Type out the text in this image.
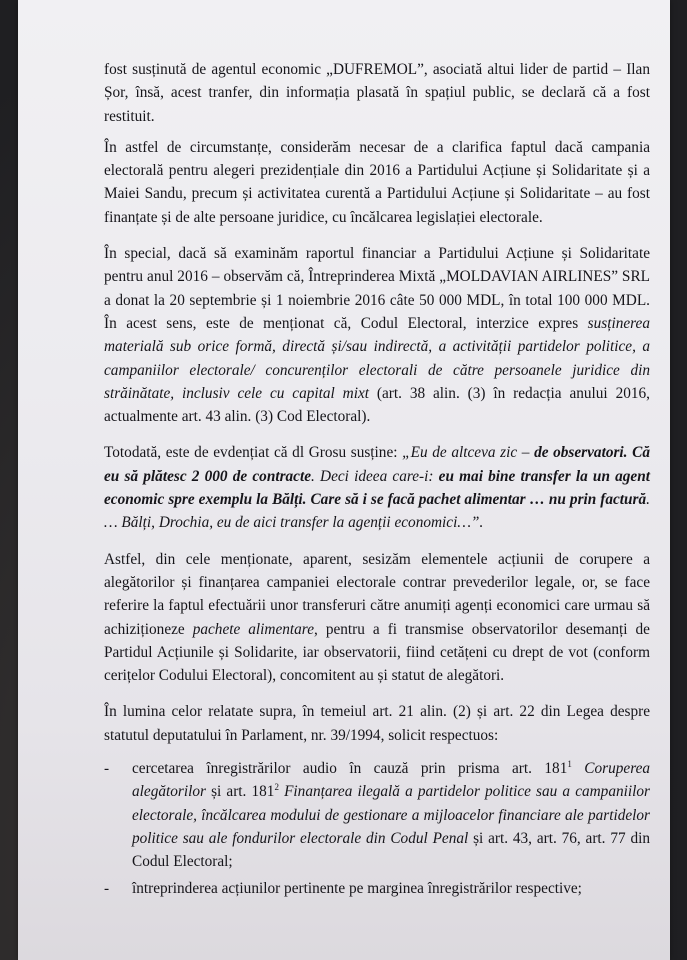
fost susținută de agentul economic „DUFREMOL”, asociată altui lider de partid – Ilan Șor, însă, acest tranfer, din informația plasată în spațiul public, se declară că a fost restituit.

În astfel de circumstanțe, considerăm necesar de a clarifica faptul dacă campania electorală pentru alegeri prezidențiale din 2016 a Partidului Acțiune și Solidaritate și a Maiei Sandu, precum și activitatea curentă a Partidului Acțiune și Solidaritate – au fost finanțate și de alte persoane juridice, cu încălcarea legislației electorale.

În special, dacă să examinăm raportul financiar a Partidului Acțiune și Solidaritate pentru anul 2016 – observăm că, Întreprinderea Mixtă „MOLDAVIAN AIRLINES” SRL a donat la 20 septembrie și 1 noiembrie 2016 câte 50 000 MDL, în total 100 000 MDL. În acest sens, este de menționat că, Codul Electoral, interzice expres susținerea materială sub orice formă, directă și/sau indirectă, a activității partidelor politice, a campaniilor electorale/ concurenților electorali de către persoanele juridice din străinătate, inclusiv cele cu capital mixt (art. 38 alin. (3) în redacția anului 2016, actualmente art. 43 alin. (3) Cod Electoral).

Totodată, este de evdențiat că dl Grosu susține: „Eu de altceva zic – de observatori. Că eu să plătesc 2 000 de contracte. Deci ideea care-i: eu mai bine transfer la un agent economic spre exemplu la Bălți. Care să i se facă pachet alimentar … nu prin factură. … Bălți, Drochia, eu de aici transfer la agenții economici…”.

Astfel, din cele menționate, aparent, sesizăm elementele acțiunii de corupere a alegătorilor și finanțarea campaniei electorale contrar prevederilor legale, or, se face referire la faptul efectuării unor transferuri către anumiți agenți economici care urmau să achiziționeze pachete alimentare, pentru a fi transmise observatorilor desemanți de Partidul Acțiunile și Solidarite, iar observatorii, fiind cetățeni cu drept de vot (conform cerițelor Codului Electoral), concomitent au și statut de alegători.

În lumina celor relatate supra, în temeiul art. 21 alin. (2) și art. 22 din Legea despre statutul deputatului în Parlament, nr. 39/1994, solicit respectuos:

- cercetarea înregistrărilor audio în cauză prin prisma art. $181^1$ Coruperea alegătorilor și art. $181^2$ Finanțarea ilegală a partidelor politice sau a campaniilor electorale, încălcarea modului de gestionare a mijloacelor financiare ale partidelor politice sau ale fondurilor electorale din Codul Penal și art. 43, art. 76, art. 77 din Codul Electoral;
- întreprinderea acțiunilor pertinente pe marginea înregistrărilor respective;
